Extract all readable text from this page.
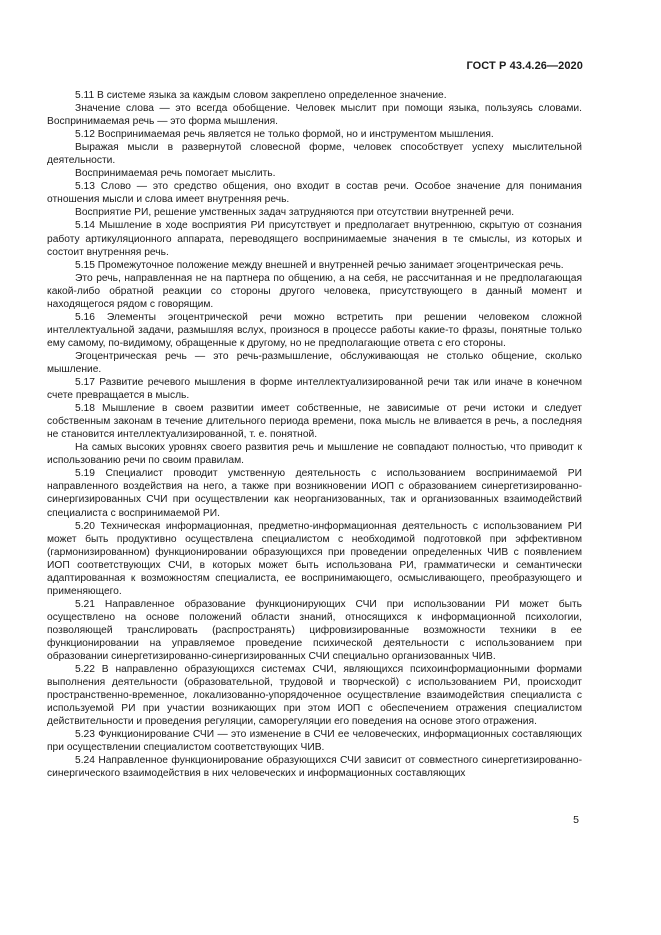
ГОСТ Р 43.4.26—2020

5.11 В системе языка за каждым словом закреплено определенное значение.

Значение слова — это всегда обобщение. Человек мыслит при помощи языка, пользуясь словами. Воспринимаемая речь — это форма мышления.

5.12 Воспринимаемая речь является не только формой, но и инструментом мышления.

Выражая мысли в развернутой словесной форме, человек способствует успеху мыслительной деятельности.

Воспринимаемая речь помогает мыслить.

5.13 Слово — это средство общения, оно входит в состав речи. Особое значение для понимания отношения мысли и слова имеет внутренняя речь.

Восприятие РИ, решение умственных задач затрудняются при отсутствии внутренней речи.

5.14 Мышление в ходе восприятия РИ присутствует и предполагает внутреннюю, скрытую от сознания работу артикуляционного аппарата, переводящего воспринимаемые значения в те смыслы, из которых и состоит внутренняя речь.

5.15 Промежуточное положение между внешней и внутренней речью занимает эгоцентрическая речь.

Это речь, направленная не на партнера по общению, а на себя, не рассчитанная и не предполагающая какой-либо обратной реакции со стороны другого человека, присутствующего в данный момент и находящегося рядом с говорящим.

5.16 Элементы эгоцентрической речи можно встретить при решении человеком сложной интеллектуальной задачи, размышляя вслух, произнося в процессе работы какие-то фразы, понятные только ему самому, по-видимому, обращенные к другому, но не предполагающие ответа с его стороны.

Эгоцентрическая речь — это речь-размышление, обслуживающая не столько общение, сколько мышление.

5.17 Развитие речевого мышления в форме интеллектуализированной речи так или иначе в конечном счете превращается в мысль.

5.18 Мышление в своем развитии имеет собственные, не зависимые от речи истоки и следует собственным законам в течение длительного периода времени, пока мысль не вливается в речь, а последняя не становится интеллектуализированной, т. е. понятной.

На самых высоких уровнях своего развития речь и мышление не совпадают полностью, что приводит к использованию речи по своим правилам.

5.19 Специалист проводит умственную деятельность с использованием воспринимаемой РИ направленного воздействия на него, а также при возникновении ИОП с образованием синергетизированно-синергизированных СЧИ при осуществлении как неорганизованных, так и организованных взаимодействий специалиста с воспринимаемой РИ.

5.20 Техническая информационная, предметно-информационная деятельность с использованием РИ может быть продуктивно осуществлена специалистом с необходимой подготовкой при эффективном (гармонизированном) функционировании образующихся при проведении определенных ЧИВ с появлением ИОП соответствующих СЧИ, в которых может быть использована РИ, грамматически и семантически адаптированная к возможностям специалиста, ее воспринимающего, осмысливающего, преобразующего и применяющего.

5.21 Направленное образование функционирующих СЧИ при использовании РИ может быть осуществлено на основе положений области знаний, относящихся к информационной психологии, позволяющей транслировать (распространять) цифровизированные возможности техники в ее функционировании на управляемое проведение психической деятельности с использованием при образовании синергетизированно-синергизированных СЧИ специально организованных ЧИВ.

5.22 В направленно образующихся системах СЧИ, являющихся психоинформационными формами выполнения деятельности (образовательной, трудовой и творческой) с использованием РИ, происходит пространственно-временное, локализованно-упорядоченное осуществление взаимодействия специалиста с используемой РИ при участии возникающих при этом ИОП с обеспечением отражения специалистом действительности и проведения регуляции, саморегуляции его поведения на основе этого отражения.

5.23 Функционирование СЧИ — это изменение в СЧИ ее человеческих, информационных составляющих при осуществлении специалистом соответствующих ЧИВ.

5.24 Направленное функционирование образующихся СЧИ зависит от совместного синергетизированно-синергического взаимодействия в них человеческих и информационных составляющих

5
